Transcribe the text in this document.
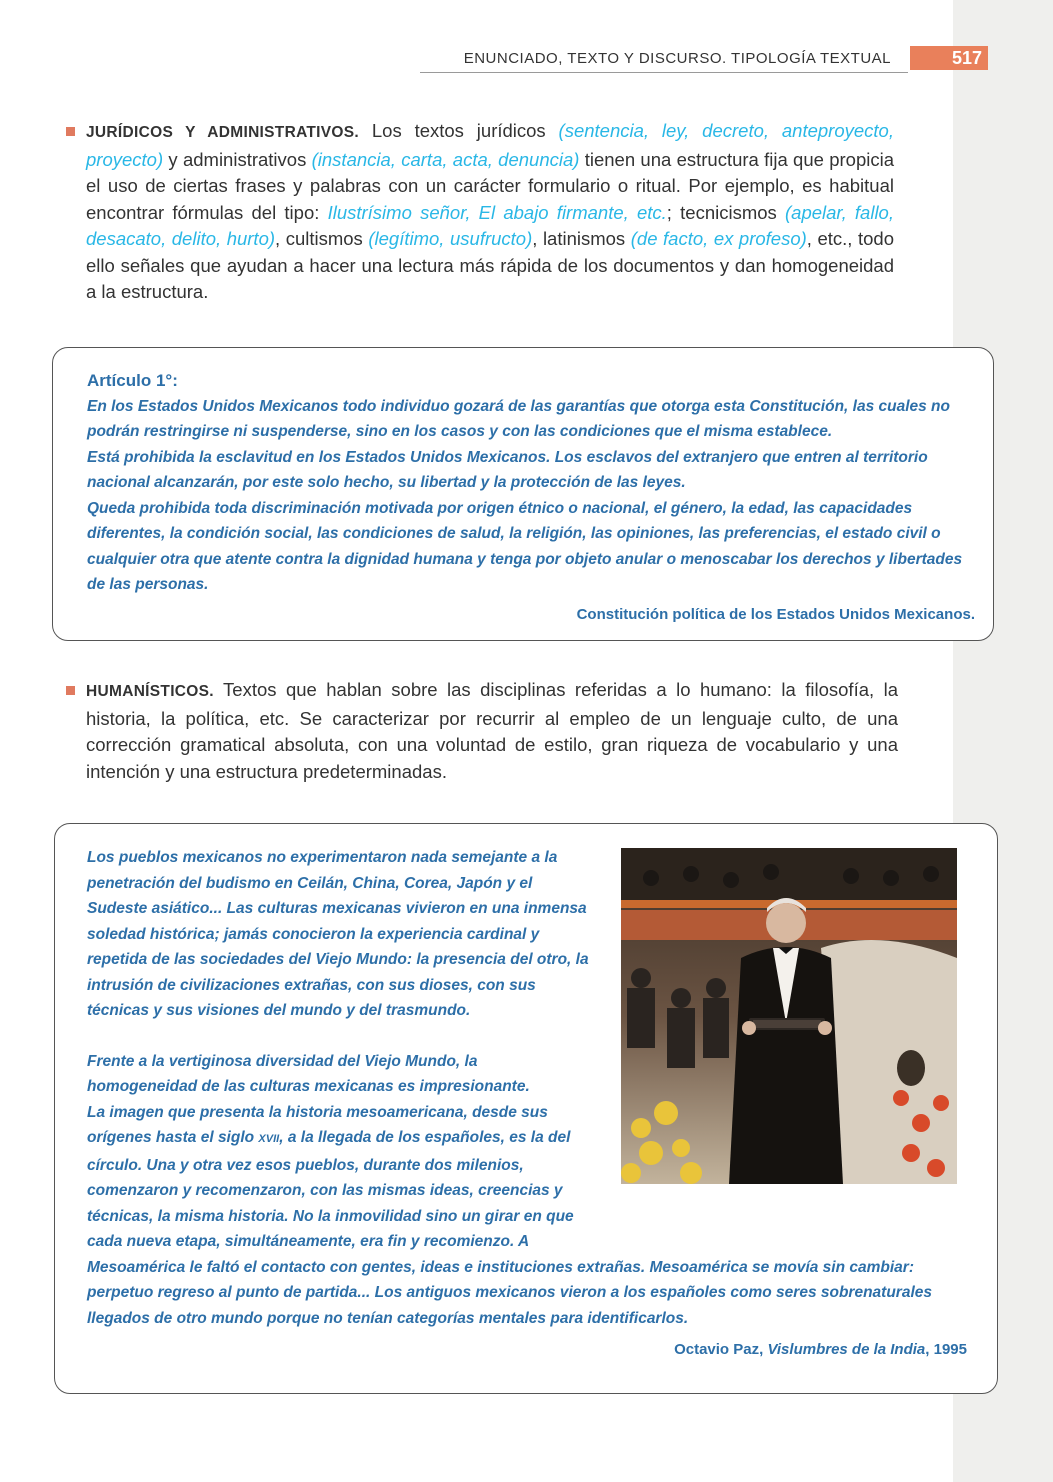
ENUNCIADO, TEXTO Y DISCURSO. TIPOLOGÍA TEXTUAL	517
JURÍDICOS Y ADMINISTRATIVOS. Los textos jurídicos (sentencia, ley, decreto, anteproyecto, proyecto) y administrativos (instancia, carta, acta, denuncia) tienen una estructura fija que propicia el uso de ciertas frases y palabras con un carácter formulario o ritual. Por ejemplo, es habitual encontrar fórmulas del tipo: Ilustrísimo señor, El abajo firmante, etc.; tecnicismos (apelar, fallo, desacato, delito, hurto), cultismos (legítimo, usufructo), latinismos (de facto, ex profeso), etc., todo ello señales que ayudan a hacer una lectura más rápida de los documentos y dan homogeneidad a la estructura.
Artículo 1°:
En los Estados Unidos Mexicanos todo individuo gozará de las garantías que otorga esta Constitución, las cuales no podrán restringirse ni suspenderse, sino en los casos y con las condiciones que el misma establece.
Está prohibida la esclavitud en los Estados Unidos Mexicanos. Los esclavos del extranjero que entren al territorio nacional alcanzarán, por este solo hecho, su libertad y la protección de las leyes.
Queda prohibida toda discriminación motivada por origen étnico o nacional, el género, la edad, las capacidades diferentes, la condición social, las condiciones de salud, la religión, las opiniones, las preferencias, el estado civil o cualquier otra que atente contra la dignidad humana y tenga por objeto anular o menoscabar los derechos y libertades de las personas.
Constitución política de los Estados Unidos Mexicanos.
HUMANÍSTICOS. Textos que hablan sobre las disciplinas referidas a lo humano: la filosofía, la historia, la política, etc. Se caracterizar por recurrir al empleo de un lenguaje culto, de una corrección gramatical absoluta, con una voluntad de estilo, gran riqueza de vocabulario y una intención y una estructura predeterminadas.
Los pueblos mexicanos no experimentaron nada semejante a la penetración del budismo en Ceilán, China, Corea, Japón y el Sudeste asiático... Las culturas mexicanas vivieron en una inmensa soledad histórica; jamás conocieron la experiencia cardinal y repetida de las sociedades del Viejo Mundo: la presencia del otro, la intrusión de civilizaciones extrañas, con sus dioses, con sus técnicas y sus visiones del mundo y del trasmundo.
Frente a la vertiginosa diversidad del Viejo Mundo, la homogeneidad de las culturas mexicanas es impresionante.
La imagen que presenta la historia mesoamericana, desde sus orígenes hasta el siglo XVII, a la llegada de los españoles, es la del círculo. Una y otra vez esos pueblos, durante dos milenios, comenzaron y recomenzaron, con las mismas ideas, creencias y técnicas, la misma historia. No la inmovilidad sino un girar en que cada nueva etapa, simultáneamente, era fin y recomienzo. A Mesoamérica le faltó el contacto con gentes, ideas e instituciones extrañas. Mesoamérica se movía sin cambiar: perpetuo regreso al punto de partida... Los antiguos mexicanos vieron a los españoles como seres sobrenaturales llegados de otro mundo porque no tenían categorías mentales para identificarlos.
Octavio Paz, Vislumbres de la India, 1995
